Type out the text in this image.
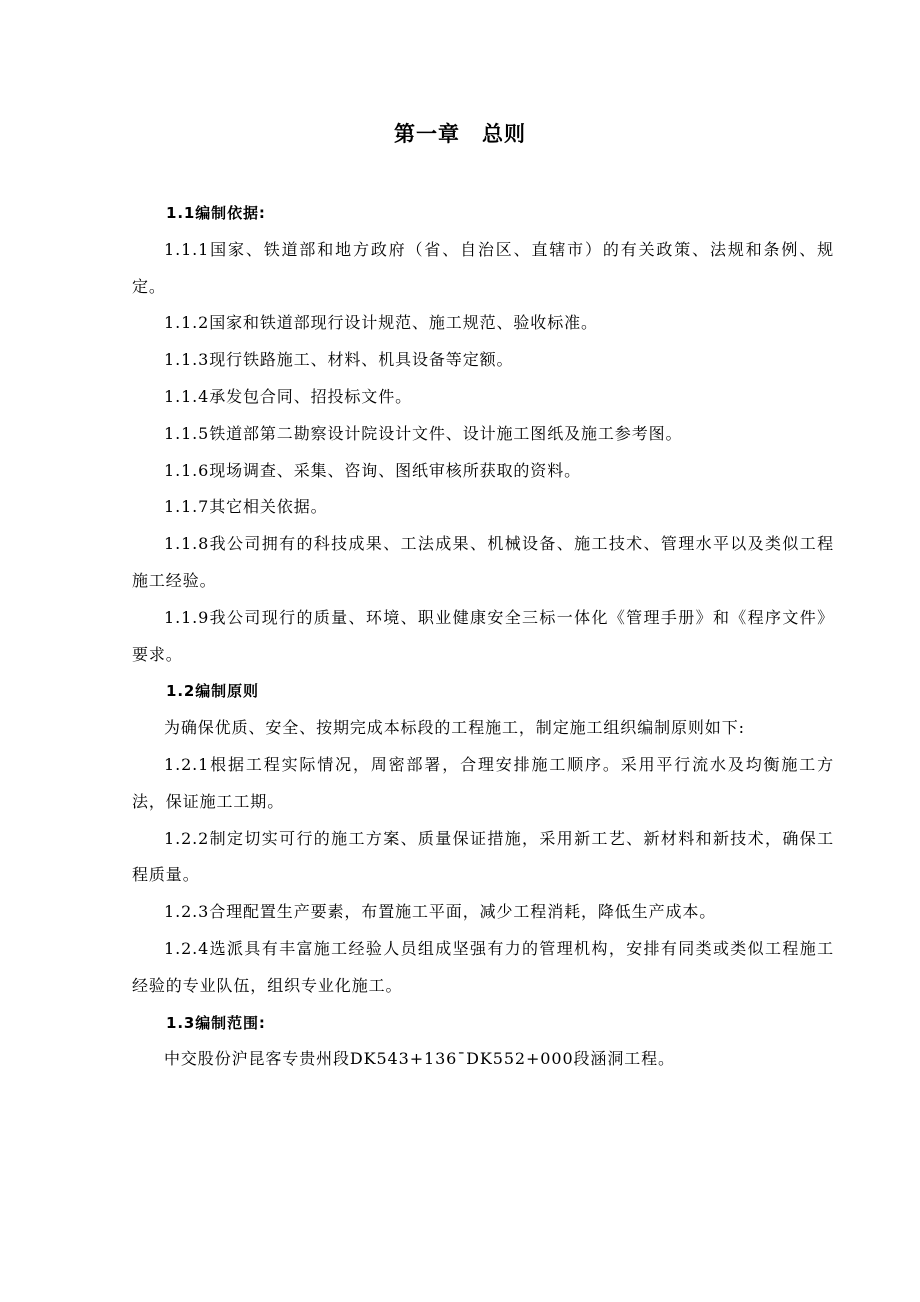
第一章　总则
1.1编制依据:

1.1.1国家、铁道部和地方政府（省、自治区、直辖市）的有关政策、法规和条例、规定。

1.1.2国家和铁道部现行设计规范、施工规范、验收标准。

1.1.3现行铁路施工、材料、机具设备等定额。

1.1.4承发包合同、招投标文件。

1.1.5铁道部第二勘察设计院设计文件、设计施工图纸及施工参考图。

1.1.6现场调查、采集、咨询、图纸审核所获取的资料。

1.1.7其它相关依据。

1.1.8我公司拥有的科技成果、工法成果、机械设备、施工技术、管理水平以及类似工程施工经验。

1.1.9我公司现行的质量、环境、职业健康安全三标一体化《管理手册》和《程序文件》要求。

1.2编制原则

为确保优质、安全、按期完成本标段的工程施工，制定施工组织编制原则如下:

1.2.1根据工程实际情况，周密部署，合理安排施工顺序。采用平行流水及均衡施工方法，保证施工工期。

1.2.2制定切实可行的施工方案、质量保证措施，采用新工艺、新材料和新技术，确保工程质量。

1.2.3合理配置生产要素，布置施工平面，减少工程消耗，降低生产成本。

1.2.4选派具有丰富施工经验人员组成坚强有力的管理机构，安排有同类或类似工程施工经验的专业队伍，组织专业化施工。

1.3编制范围:

中交股份沪昆客专贵州段DK543+136¯DK552+000段涵洞工程。
